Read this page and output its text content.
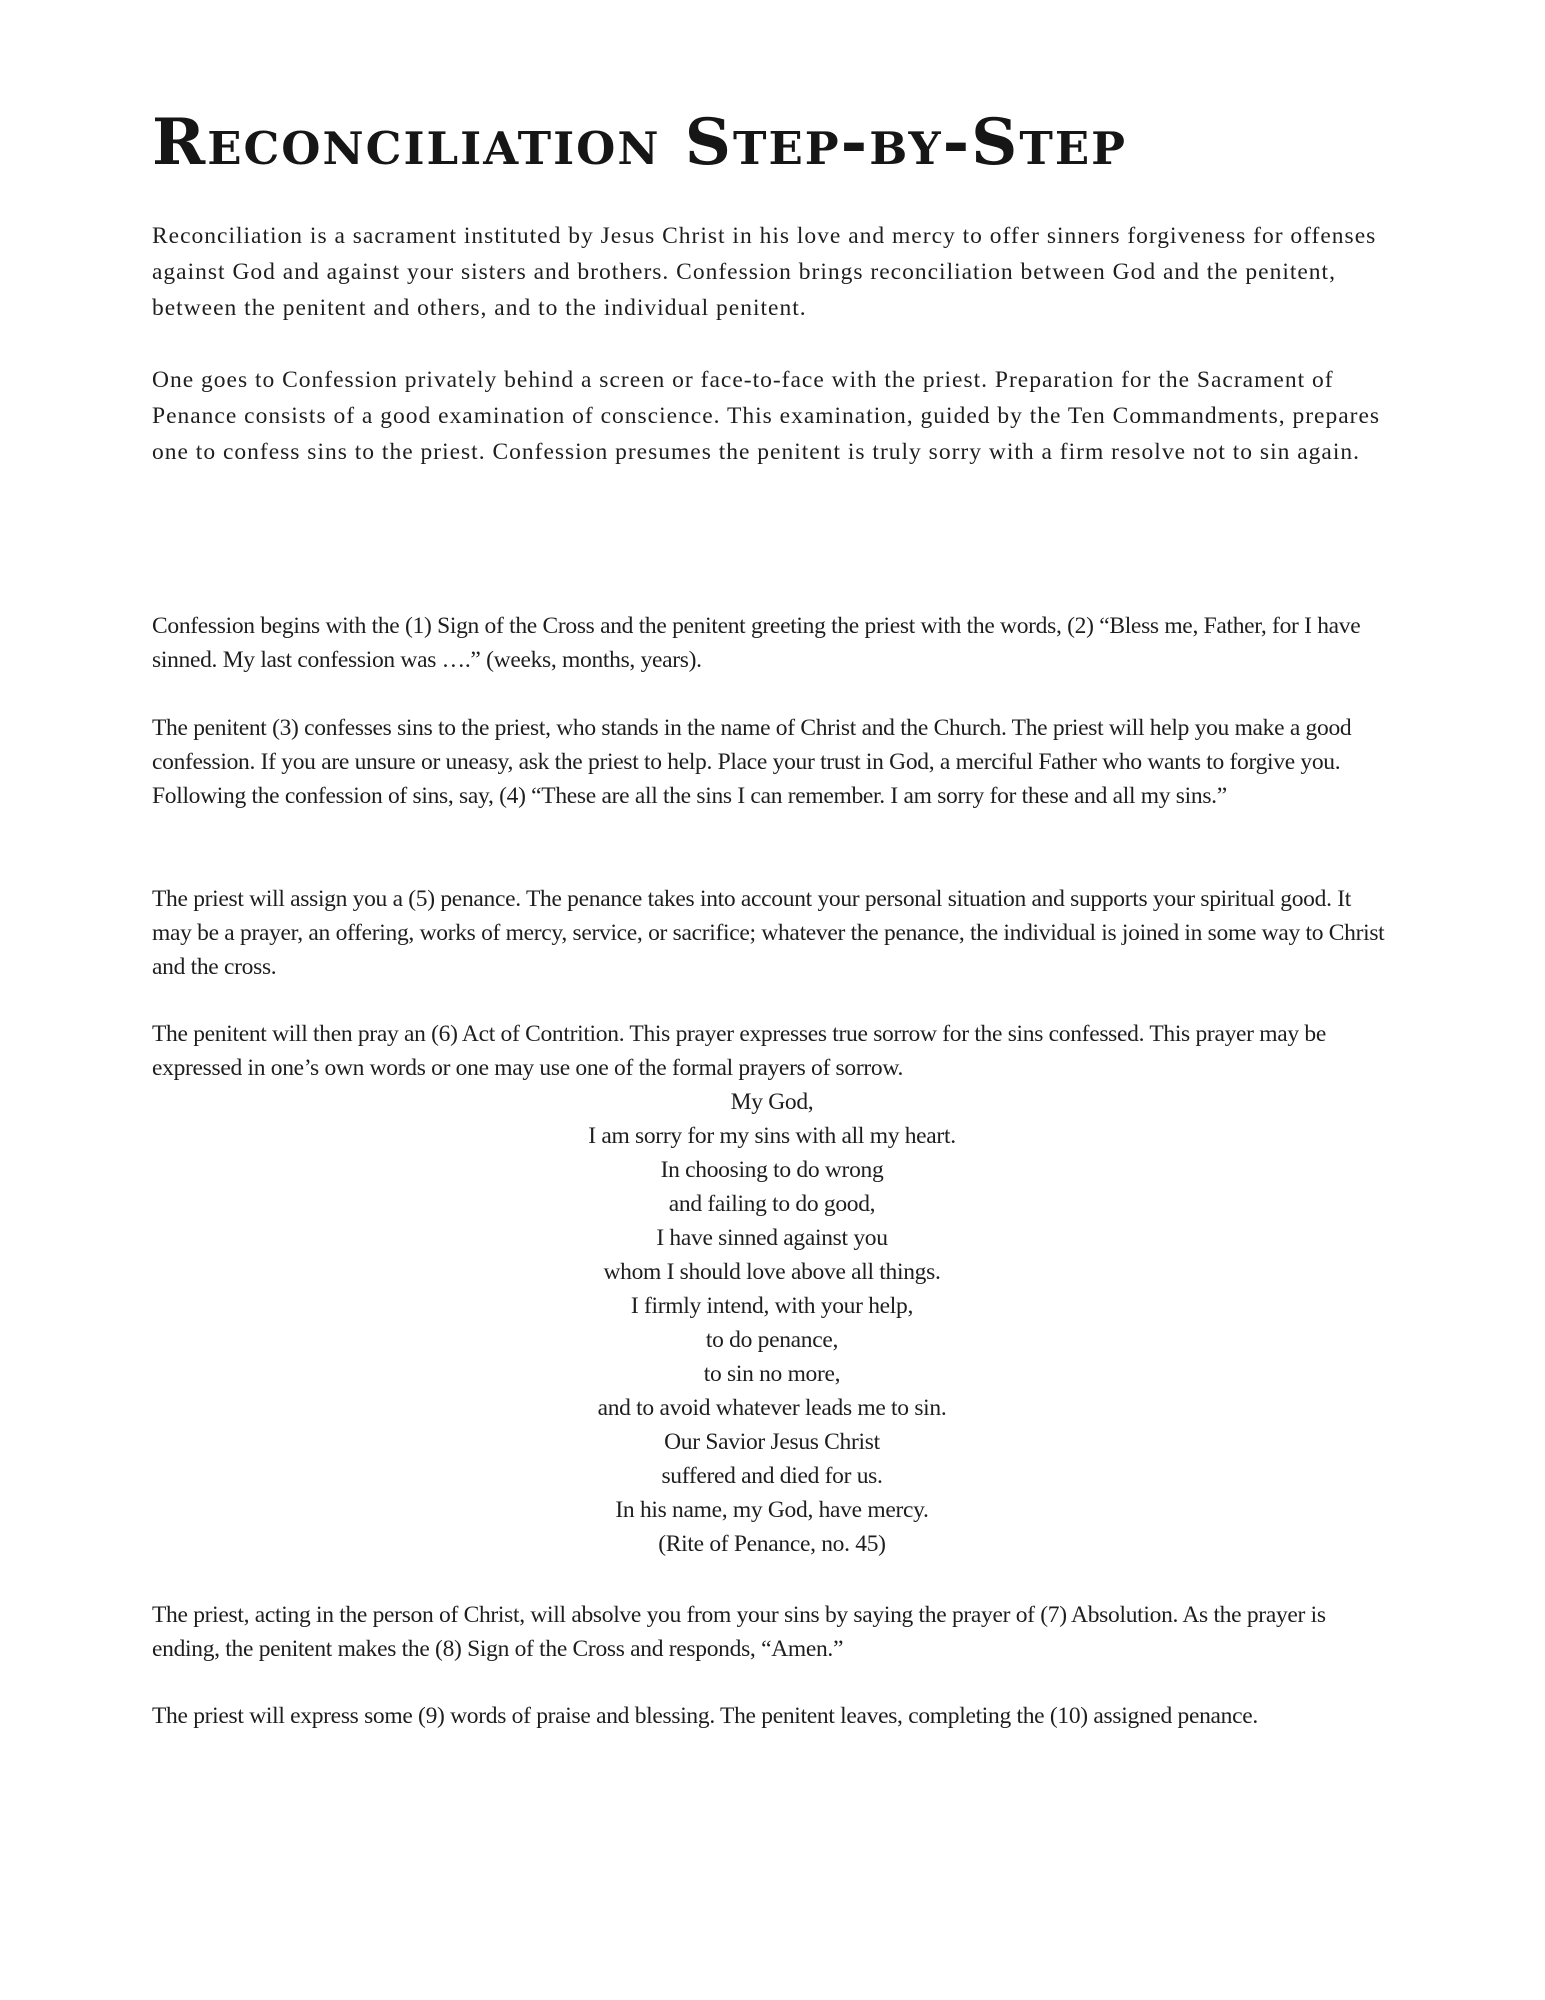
Reconciliation Step-by-Step

Reconciliation is a sacrament instituted by Jesus Christ in his love and mercy to offer sinners forgiveness for offenses against God and against your sisters and brothers. Confession brings reconciliation between God and the penitent, between the penitent and others, and to the individual penitent.

One goes to Confession privately behind a screen or face-to-face with the priest. Preparation for the Sacrament of Penance consists of a good examination of conscience. This examination, guided by the Ten Commandments, prepares one to confess sins to the priest. Confession presumes the penitent is truly sorry with a firm resolve not to sin again.

Confession begins with the (1) Sign of the Cross and the penitent greeting the priest with the words, (2) “Bless me, Father, for I have sinned. My last confession was ….” (weeks, months, years).

The penitent (3) confesses sins to the priest, who stands in the name of Christ and the Church. The priest will help you make a good confession. If you are unsure or uneasy, ask the priest to help. Place your trust in God, a merciful Father who wants to forgive you. Following the confession of sins, say, (4) “These are all the sins I can remember. I am sorry for these and all my sins.”

The priest will assign you a (5) penance. The penance takes into account your personal situation and supports your spiritual good. It may be a prayer, an offering, works of mercy, service, or sacrifice; whatever the penance, the individual is joined in some way to Christ and the cross.

The penitent will then pray an (6) Act of Contrition. This prayer expresses true sorrow for the sins confessed. This prayer may be expressed in one’s own words or one may use one of the formal prayers of sorrow.

My God,
I am sorry for my sins with all my heart.
In choosing to do wrong
and failing to do good,
I have sinned against you
whom I should love above all things.
I firmly intend, with your help,
to do penance,
to sin no more,
and to avoid whatever leads me to sin.
Our Savior Jesus Christ
suffered and died for us.
In his name, my God, have mercy.
(Rite of Penance, no. 45)

The priest, acting in the person of Christ, will absolve you from your sins by saying the prayer of (7) Absolution. As the prayer is ending, the penitent makes the (8) Sign of the Cross and responds, “Amen.”

The priest will express some (9) words of praise and blessing. The penitent leaves, completing the (10) assigned penance.
